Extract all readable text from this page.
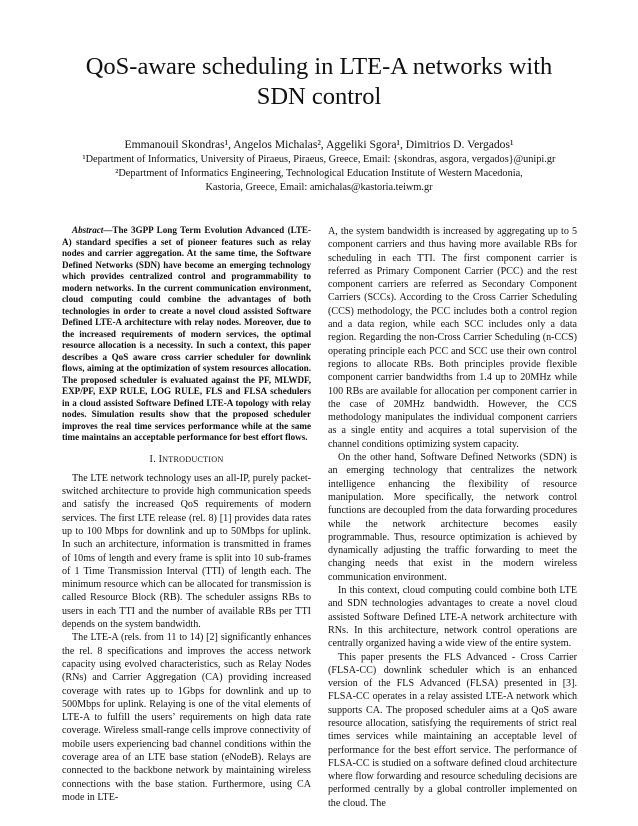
QoS-aware scheduling in LTE-A networks with
SDN control
Emmanouil Skondras¹, Angelos Michalas², Aggeliki Sgora¹, Dimitrios D. Vergados¹

¹Department of Informatics, University of Piraeus, Piraeus, Greece, Email: {skondras, asgora, vergados}@unipi.gr

²Department of Informatics Engineering, Technological Education Institute of Western Macedonia,

Kastoria, Greece, Email: amichalas@kastoria.teiwm.gr

Abstract—The 3GPP Long Term Evolution Advanced (LTE-A) standard specifies a set of pioneer features such as relay nodes and carrier aggregation. At the same time, the Software Defined Networks (SDN) have become an emerging technology which provides centralized control and programmability to modern networks. In the current communication environment, cloud computing could combine the advantages of both technologies in order to create a novel cloud assisted Software Defined LTE-A architecture with relay nodes. Moreover, due to the increased requirements of modern services, the optimal resource allocation is a necessity. In such a context, this paper describes a QoS aware cross carrier scheduler for downlink flows, aiming at the optimization of system resources allocation. The proposed scheduler is evaluated against the PF, MLWDF, EXP/PF, EXP RULE, LOG RULE, FLS and FLSA schedulers in a cloud assisted Software Defined LTE-A topology with relay nodes. Simulation results show that the proposed scheduler improves the real time services performance while at the same time maintains an acceptable performance for best effort flows.

I. INTRODUCTION

The LTE network technology uses an all-IP, purely packet-switched architecture to provide high communication speeds and satisfy the increased QoS requirements of modern services. The first LTE release (rel. 8) [1] provides data rates up to 100 Mbps for downlink and up to 50Mbps for uplink. In such an architecture, information is transmitted in frames of 10ms of length and every frame is split into 10 sub-frames of 1 Time Transmission Interval (TTI) of length each. The minimum resource which can be allocated for transmission is called Resource Block (RB). The scheduler assigns RBs to users in each TTI and the number of available RBs per TTI depends on the system bandwidth.

The LTE-A (rels. from 11 to 14) [2] significantly enhances the rel. 8 specifications and improves the access network capacity using evolved characteristics, such as Relay Nodes (RNs) and Carrier Aggregation (CA) providing increased coverage with rates up to 1Gbps for downlink and up to 500Mbps for uplink. Relaying is one of the vital elements of LTE-A to fulfill the users’ requirements on high data rate coverage. Wireless small-range cells improve connectivity of mobile users experiencing bad channel conditions within the coverage area of an LTE base station (eNodeB). Relays are connected to the backbone network by maintaining wireless connections with the base station. Furthermore, using CA mode in LTE-

A, the system bandwidth is increased by aggregating up to 5 component carriers and thus having more available RBs for scheduling in each TTI. The first component carrier is referred as Primary Component Carrier (PCC) and the rest component carriers are referred as Secondary Component Carriers (SCCs). According to the Cross Carrier Scheduling (CCS) methodology, the PCC includes both a control region and a data region, while each SCC includes only a data region. Regarding the non-Cross Carrier Scheduling (n-CCS) operating principle each PCC and SCC use their own control regions to allocate RBs. Both principles provide flexible component carrier bandwidths from 1.4 up to 20MHz while 100 RBs are available for allocation per component carrier in the case of 20MHz bandwidth. However, the CCS methodology manipulates the individual component carriers as a single entity and acquires a total supervision of the channel conditions optimizing system capacity.

On the other hand, Software Defined Networks (SDN) is an emerging technology that centralizes the network intelligence enhancing the flexibility of resource manipulation. More specifically, the network control functions are decoupled from the data forwarding procedures while the network architecture becomes easily programmable. Thus, resource optimization is achieved by dynamically adjusting the traffic forwarding to meet the changing needs that exist in the modern wireless communication environment.

In this context, cloud computing could combine both LTE and SDN technologies advantages to create a novel cloud assisted Software Defined LTE-A network architecture with RNs. In this architecture, network control operations are centrally organized having a wide view of the entire system.

This paper presents the FLS Advanced - Cross Carrier (FLSA-CC) downlink scheduler which is an enhanced version of the FLS Advanced (FLSA) presented in [3]. FLSA-CC operates in a relay assisted LTE-A network which supports CA. The proposed scheduler aims at a QoS aware resource allocation, satisfying the requirements of strict real times services while maintaining an acceptable level of performance for the best effort service. The performance of FLSA-CC is studied on a software defined cloud architecture where flow forwarding and resource scheduling decisions are performed centrally by a global controller implemented on the cloud. The
